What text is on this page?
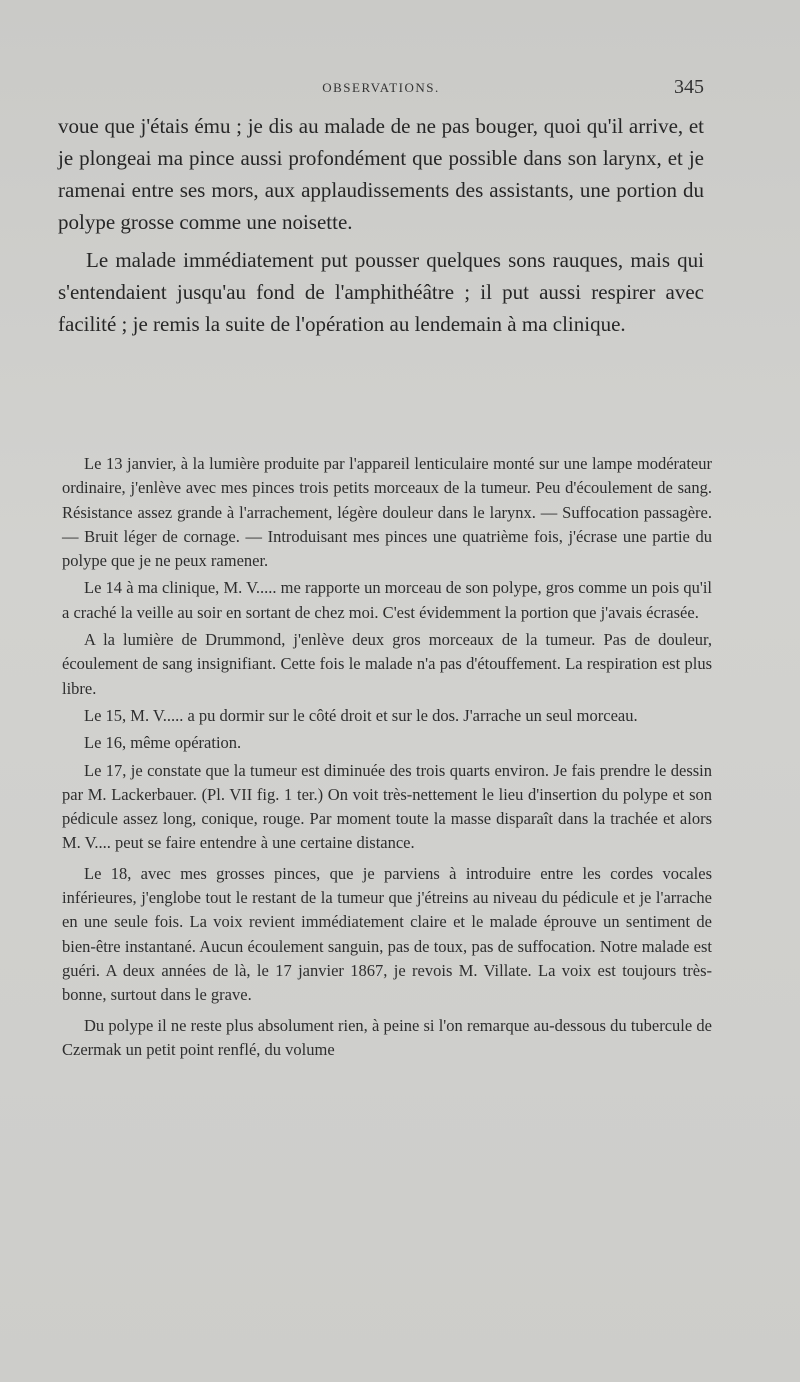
OBSERVATIONS.	345

voue que j'étais ému ; je dis au malade de ne pas bouger, quoi qu'il arrive, et je plongeai ma pince aussi profondément que possible dans son larynx, et je ramenai entre ses mors, aux applaudissements des assistants, une portion du polype grosse comme une noisette.

Le malade immédiatement put pousser quelques sons rauques, mais qui s'entendaient jusqu'au fond de l'amphithéâtre ; il put aussi respirer avec facilité ; je remis la suite de l'opération au lendemain à ma clinique.

Le 13 janvier, à la lumière produite par l'appareil lenticulaire monté sur une lampe modérateur ordinaire, j'enlève avec mes pinces trois petits morceaux de la tumeur. Peu d'écoulement de sang. Résistance assez grande à l'arrachement, légère douleur dans le larynx. — Suffocation passagère. — Bruit léger de cornage. — Introduisant mes pinces une quatrième fois, j'écrase une partie du polype que je ne peux ramener.

Le 14 à ma clinique, M. V..... me rapporte un morceau de son polype, gros comme un pois qu'il a craché la veille au soir en sortant de chez moi. C'est évidemment la portion que j'avais écrasée.

A la lumière de Drummond, j'enlève deux gros morceaux de la tumeur. Pas de douleur, écoulement de sang insignifiant. Cette fois le malade n'a pas d'étouffement. La respiration est plus libre.

Le 15, M. V..... a pu dormir sur le côté droit et sur le dos. J'arrache un seul morceau.

Le 16, même opération.

Le 17, je constate que la tumeur est diminuée des trois quarts environ. Je fais prendre le dessin par M. Lackerbauer. (Pl. VII fig. 1 ter.) On voit très-nettement le lieu d'insertion du polype et son pédicule assez long, conique, rouge. Par moment toute la masse disparaît dans la trachée et alors M. V.... peut se faire entendre à une certaine distance.

Le 18, avec mes grosses pinces, que je parviens à introduire entre les cordes vocales inférieures, j'englobe tout le restant de la tumeur que j'étreins au niveau du pédicule et je l'arrache en une seule fois. La voix revient immédiatement claire et le malade éprouve un sentiment de bien-être instantané. Aucun écoulement sanguin, pas de toux, pas de suffocation. Notre malade est guéri. A deux années de là, le 17 janvier 1867, je revois M. Villate. La voix est toujours très-bonne, surtout dans le grave.

Du polype il ne reste plus absolument rien, à peine si l'on remarque au-dessous du tubercule de Czermak un petit point renflé, du volume
